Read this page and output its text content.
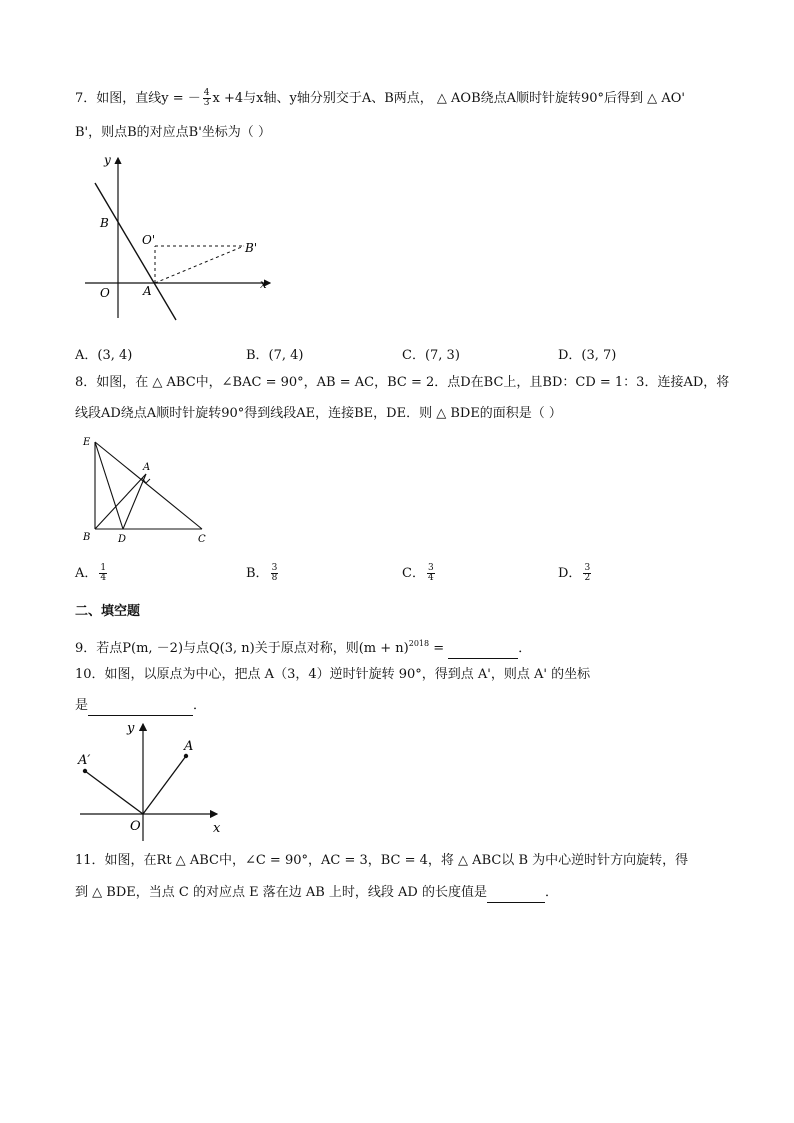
7．如图，直线y = － $\frac{4}{3}$ x +4与x轴、y轴分别交于A、B两点， △ AOB绕点A顺时针旋转90°后得到 △ AO'
B'，则点B的对应点B'坐标为（ ）
y
x
B
O'
B'
O	A
A．(3, 4)	B．(7, 4)	C．(7, 3)	D．(3, 7)
8．如图，在 △ ABC中，∠BAC = 90°，AB = AC，BC = 2．点D在BC上，且BD：CD = 1：3．连接AD，将
线段AD绕点A顺时针旋转90°得到线段AE，连接BE，DE．则 △ BDE的面积是（ ）
E
A
B	D	C
A． $\frac{1}{4}$	B． $\frac{3}{8}$	C． $\frac{3}{4}$	D． $\frac{3}{2}$
二、填空题
9．若点P(m, －2)与点Q(3, n)关于原点对称，则$(m + n)^{2018}$ =	．
10．如图，以原点为中心，把点 A（3，4）逆时针旋转 90°，得到点 A'，则点 A' 的坐标
是	．
y
A
A′
O	x
11．如图，在Rt △ ABC中，∠C = 90°，AC = 3，BC = 4，将 △ ABC以 B 为中心逆时针方向旋转，得
到 △ BDE，当点 C 的对应点 E 落在边 AB 上时，线段 AD 的长度值是	．
